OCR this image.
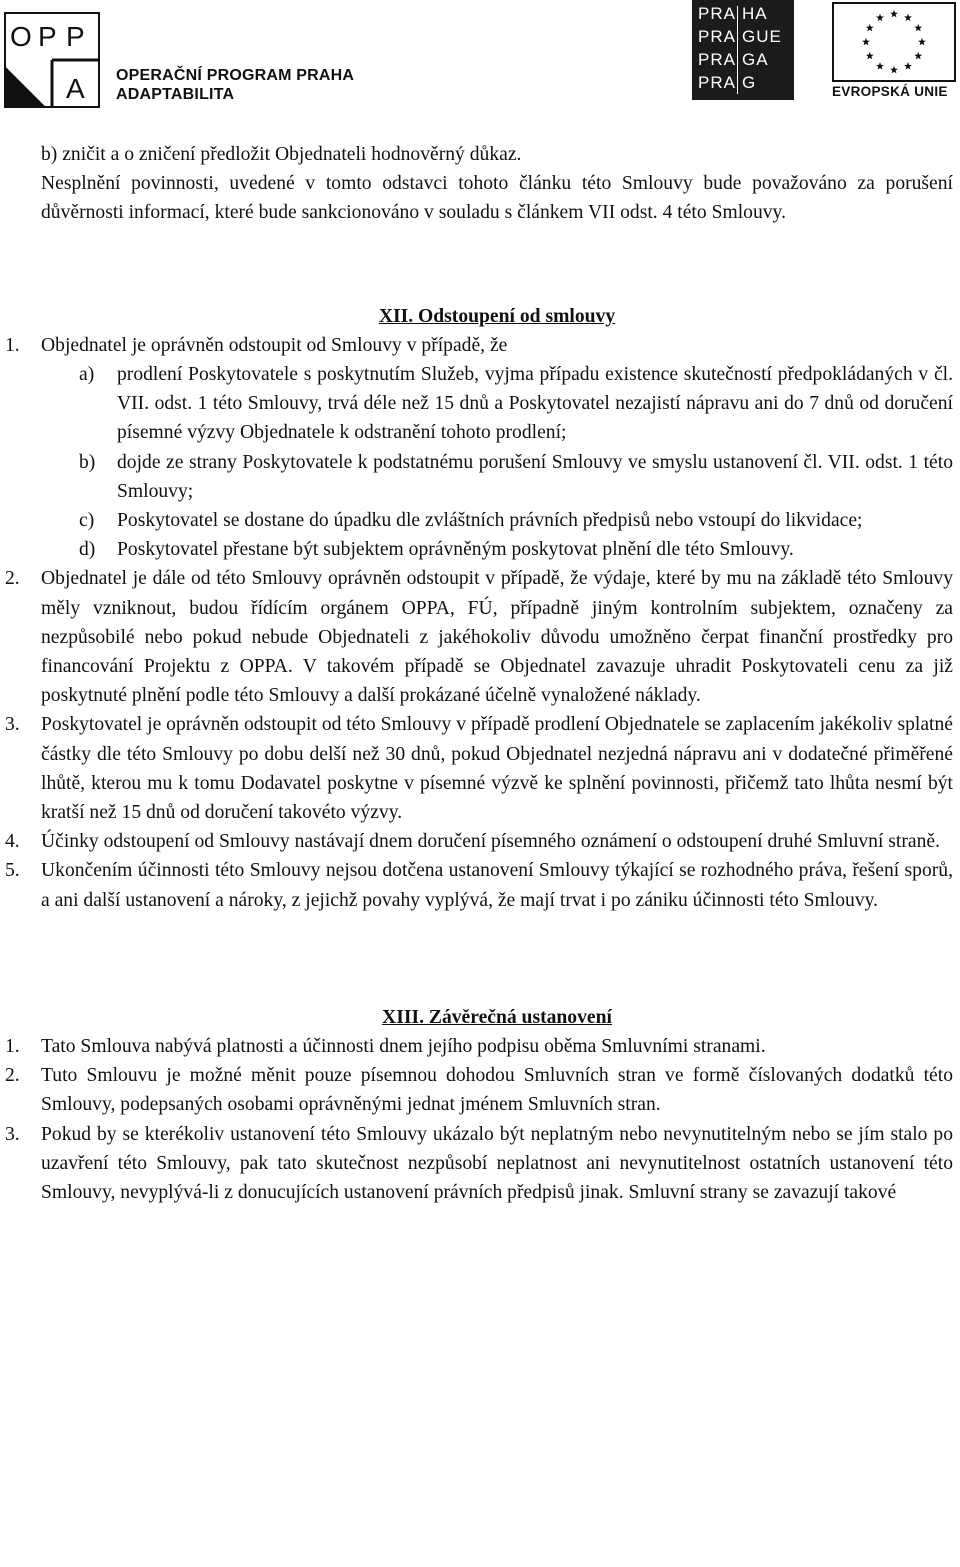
O P P
A OPERAČNÍ PROGRAM PRAHA
ADAPTABILITA
PRA HA
PRA GUE
PRA GA
PRA G	EVROPSKÁ UNIE

b) zničit a o zničení předložit Objednateli hodnověrný důkaz.

Nesplnění povinnosti, uvedené v tomto odstavci tohoto článku této Smlouvy bude považováno za porušení důvěrnosti informací, které bude sankcionováno v souladu s článkem VII odst. 4 této Smlouvy.

XII. Odstoupení od smlouvy

1. Objednatel je oprávněn odstoupit od Smlouvy v případě, že

a) prodlení Poskytovatele s poskytnutím Služeb, vyjma případu existence skutečností předpokládaných v čl. VII. odst. 1 této Smlouvy, trvá déle než 15 dnů a Poskytovatel nezajistí nápravu ani do 7 dnů od doručení písemné výzvy Objednatele k odstranění tohoto prodlení;

b) dojde ze strany Poskytovatele k podstatnému porušení Smlouvy ve smyslu ustanovení čl. VII. odst. 1 této Smlouvy;

c) Poskytovatel se dostane do úpadku dle zvláštních právních předpisů nebo vstoupí do likvidace;

d) Poskytovatel přestane být subjektem oprávněným poskytovat plnění dle této Smlouvy.

2. Objednatel je dále od této Smlouvy oprávněn odstoupit v případě, že výdaje, které by mu na základě této Smlouvy měly vzniknout, budou řídícím orgánem OPPA, FÚ, případně jiným kontrolním subjektem, označeny za nezpůsobilé nebo pokud nebude Objednateli z jakéhokoliv důvodu umožněno čerpat finanční prostředky pro financování Projektu z OPPA. V takovém případě se Objednatel zavazuje uhradit Poskytovateli cenu za již poskytnuté plnění podle této Smlouvy a další prokázané účelně vynaložené náklady.

3. Poskytovatel je oprávněn odstoupit od této Smlouvy v případě prodlení Objednatele se zaplacením jakékoliv splatné částky dle této Smlouvy po dobu delší než 30 dnů, pokud Objednatel nezjedná nápravu ani v dodatečné přiměřené lhůtě, kterou mu k tomu Dodavatel poskytne v písemné výzvě ke splnění povinnosti, přičemž tato lhůta nesmí být kratší než 15 dnů od doručení takovéto výzvy.

4. Účinky odstoupení od Smlouvy nastávají dnem doručení písemného oznámení o odstoupení druhé Smluvní straně.

5. Ukončením účinnosti této Smlouvy nejsou dotčena ustanovení Smlouvy týkající se rozhodného práva, řešení sporů, a ani další ustanovení a nároky, z jejichž povahy vyplývá, že mají trvat i po zániku účinnosti této Smlouvy.

XIII. Závěrečná ustanovení

1. Tato Smlouva nabývá platnosti a účinnosti dnem jejího podpisu oběma Smluvními stranami.

2. Tuto Smlouvu je možné měnit pouze písemnou dohodou Smluvních stran ve formě číslovaných dodatků této Smlouvy, podepsaných osobami oprávněnými jednat jménem Smluvních stran.

3. Pokud by se kterékoliv ustanovení této Smlouvy ukázalo být neplatným nebo nevynutitelným nebo se jím stalo po uzavření této Smlouvy, pak tato skutečnost nezpůsobí neplatnost ani nevynutitelnost ostatních ustanovení této Smlouvy, nevyplývá-li z donucujících ustanovení právních předpisů jinak. Smluvní strany se zavazují takové
